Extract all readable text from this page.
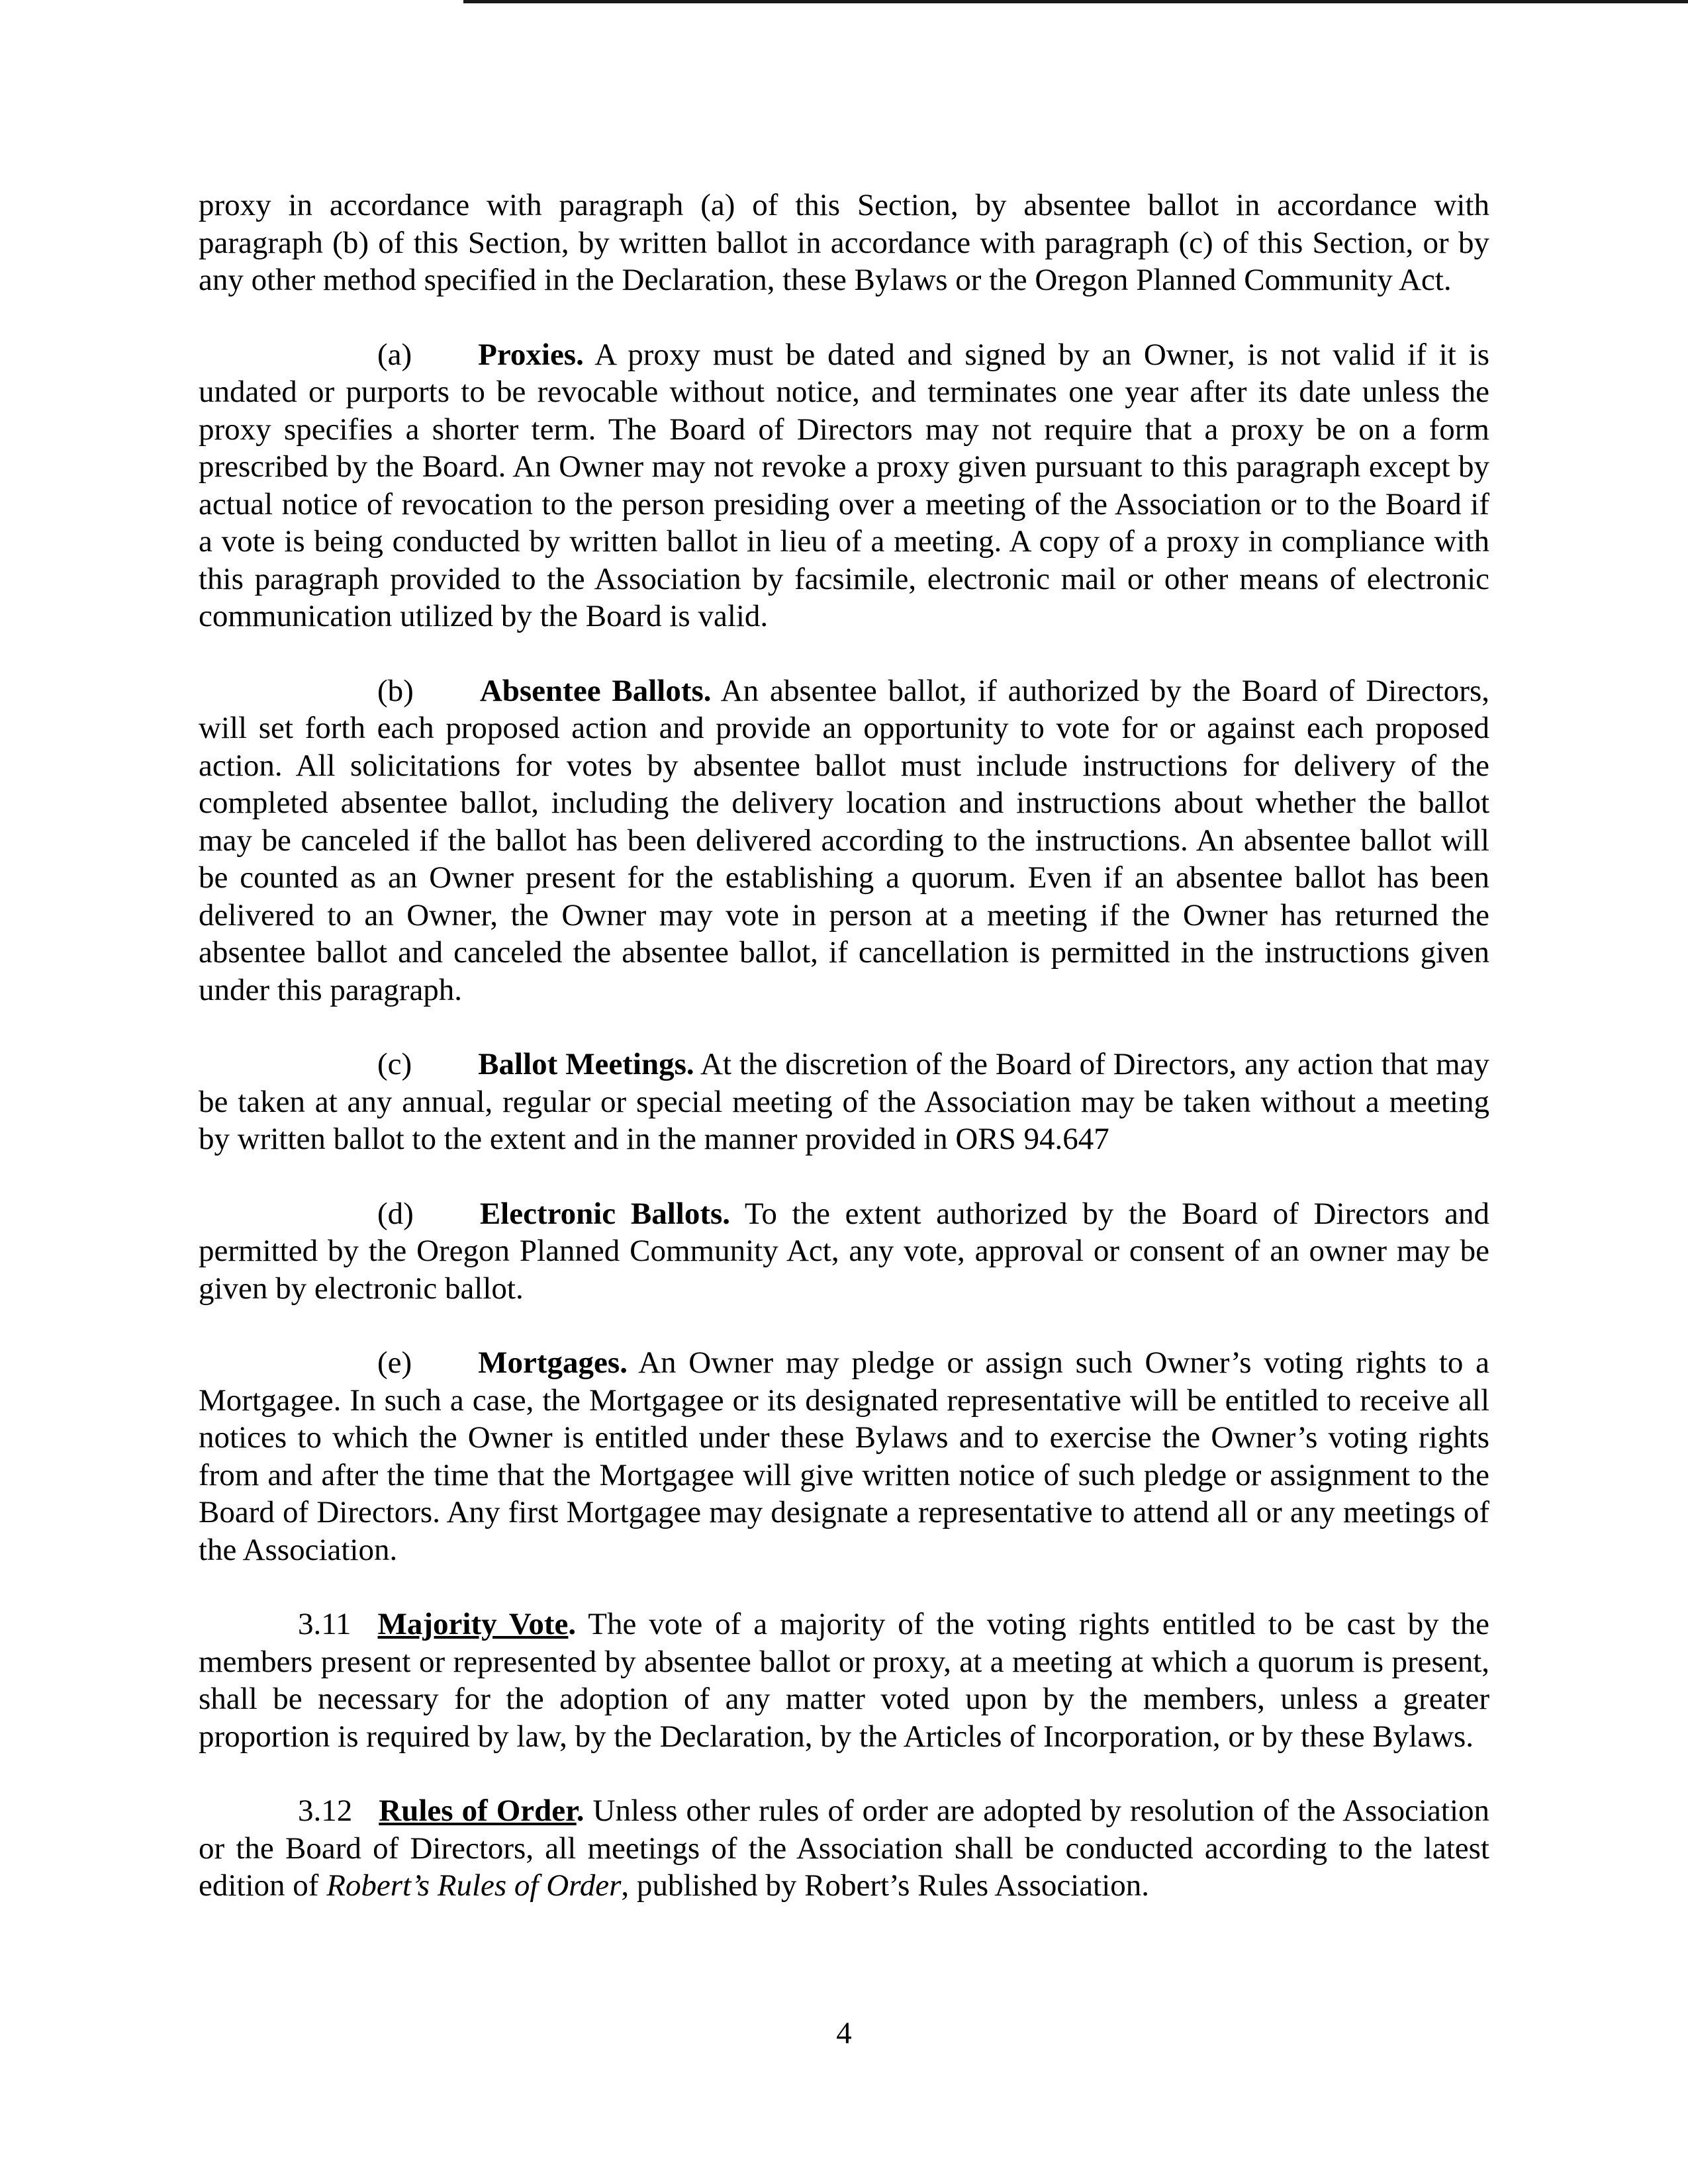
proxy in accordance with paragraph (a) of this Section, by absentee ballot in accordance with paragraph (b) of this Section, by written ballot in accordance with paragraph (c) of this Section, or by any other method specified in the Declaration, these Bylaws or the Oregon Planned Community Act.

(a) Proxies. A proxy must be dated and signed by an Owner, is not valid if it is undated or purports to be revocable without notice, and terminates one year after its date unless the proxy specifies a shorter term. The Board of Directors may not require that a proxy be on a form prescribed by the Board. An Owner may not revoke a proxy given pursuant to this paragraph except by actual notice of revocation to the person presiding over a meeting of the Association or to the Board if a vote is being conducted by written ballot in lieu of a meeting. A copy of a proxy in compliance with this paragraph provided to the Association by facsimile, electronic mail or other means of electronic communication utilized by the Board is valid.

(b) Absentee Ballots. An absentee ballot, if authorized by the Board of Directors, will set forth each proposed action and provide an opportunity to vote for or against each proposed action. All solicitations for votes by absentee ballot must include instructions for delivery of the completed absentee ballot, including the delivery location and instructions about whether the ballot may be canceled if the ballot has been delivered according to the instructions. An absentee ballot will be counted as an Owner present for the establishing a quorum. Even if an absentee ballot has been delivered to an Owner, the Owner may vote in person at a meeting if the Owner has returned the absentee ballot and canceled the absentee ballot, if cancellation is permitted in the instructions given under this paragraph.

(c) Ballot Meetings. At the discretion of the Board of Directors, any action that may be taken at any annual, regular or special meeting of the Association may be taken without a meeting by written ballot to the extent and in the manner provided in ORS 94.647

(d) Electronic Ballots. To the extent authorized by the Board of Directors and permitted by the Oregon Planned Community Act, any vote, approval or consent of an owner may be given by electronic ballot.

(e) Mortgages. An Owner may pledge or assign such Owner’s voting rights to a Mortgagee. In such a case, the Mortgagee or its designated representative will be entitled to receive all notices to which the Owner is entitled under these Bylaws and to exercise the Owner’s voting rights from and after the time that the Mortgagee will give written notice of such pledge or assignment to the Board of Directors. Any first Mortgagee may designate a representative to attend all or any meetings of the Association.

3.11 Majority Vote. The vote of a majority of the voting rights entitled to be cast by the members present or represented by absentee ballot or proxy, at a meeting at which a quorum is present, shall be necessary for the adoption of any matter voted upon by the members, unless a greater proportion is required by law, by the Declaration, by the Articles of Incorporation, or by these Bylaws.

3.12 Rules of Order. Unless other rules of order are adopted by resolution of the Association or the Board of Directors, all meetings of the Association shall be conducted according to the latest edition of Robert’s Rules of Order, published by Robert’s Rules Association.

4
